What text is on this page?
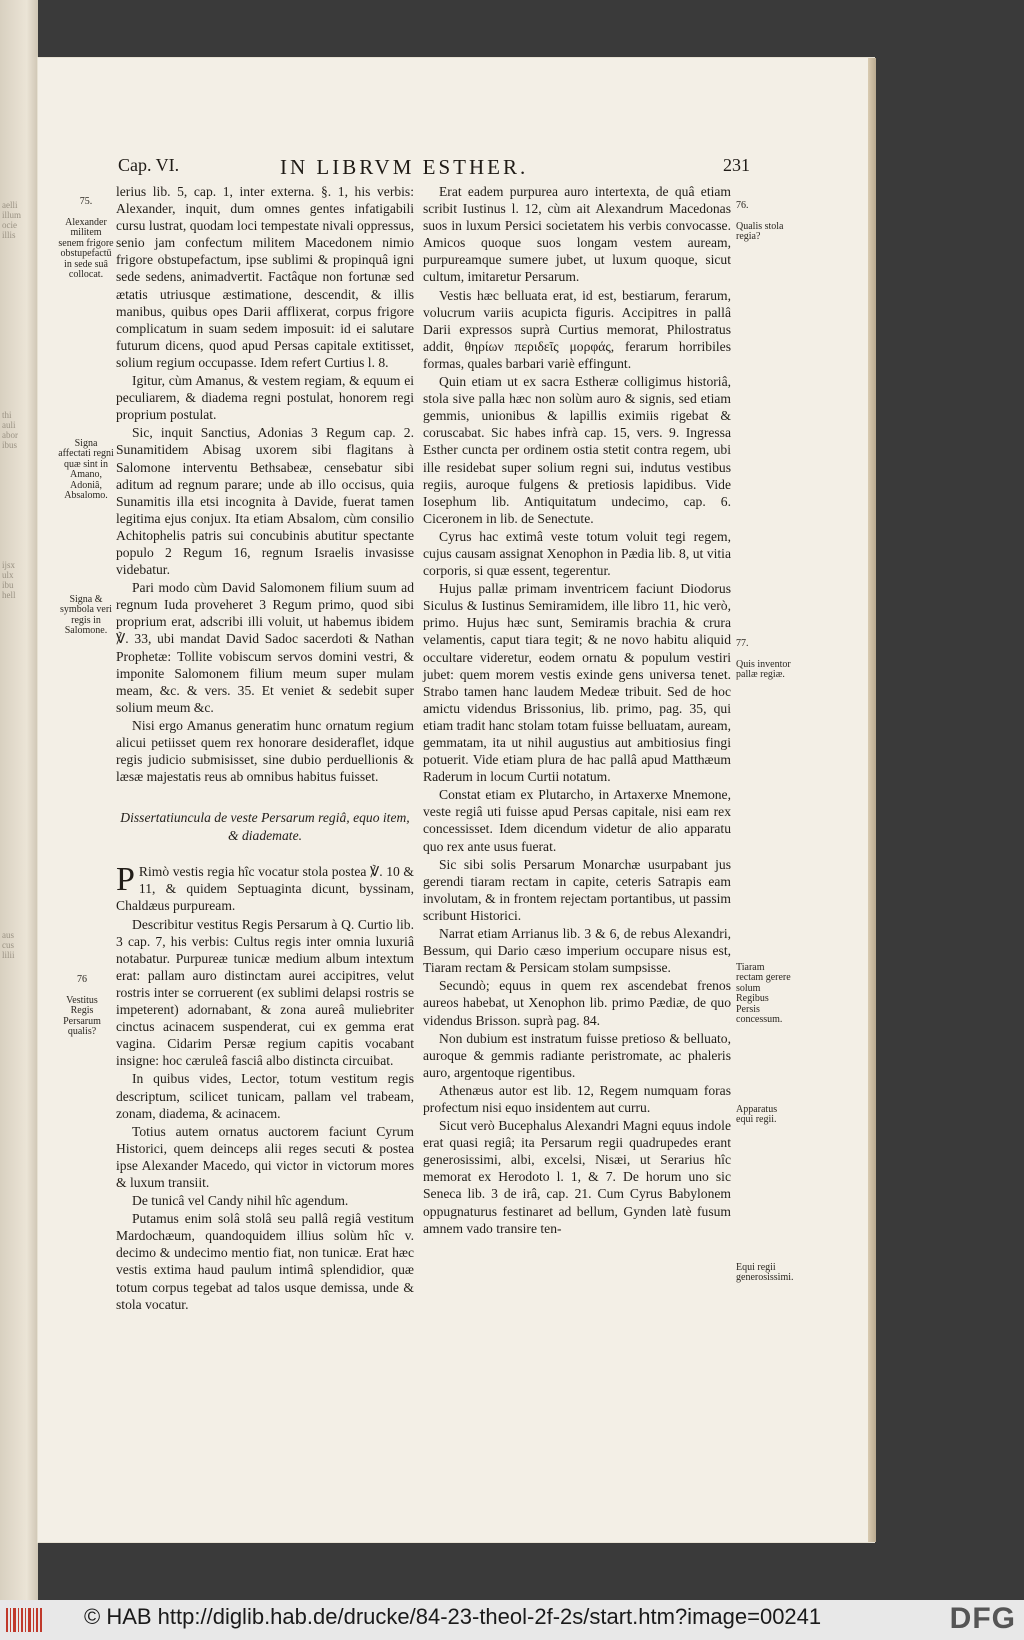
aelli
illum
ocie
illis
thi
auli
abor
ibus
ijsx
ulx
ibu
hell
aus
cus
lilii
Cap. VI.	IN LIBRVM ESTHER.	231

lerius lib. 5, cap. 1, inter externa. §. 1, his verbis: Alexander, inquit, dum omnes gentes infatigabili cursu lustrat, quodam loci tempestate nivali oppressus, senio jam confectum militem Macedonem nimio frigore obstupefactum, ipse sublimi & propinquâ igni sede sedens, animadvertit. Factâque non fortunæ sed ætatis utriusque æstimatione, descendit, & illis manibus, quibus opes Darii afflixerat, corpus frigore complicatum in suam sedem imposuit: id ei salutare futurum dicens, quod apud Persas capitale extitisset, solium regium occupasse. Idem refert Curtius l. 8.

Igitur, cùm Amanus, & vestem regiam, & equum ei peculiarem, & diadema regni postulat, honorem regi proprium postulat.

Sic, inquit Sanctius, Adonias 3 Regum cap. 2. Sunamitidem Abisag uxorem sibi flagitans à Salomone interventu Bethsabeæ, censebatur sibi aditum ad regnum parare; unde ab illo occisus, quia Sunamitis illa etsi incognita à Davide, fuerat tamen legitima ejus conjux. Ita etiam Absalom, cùm consilio Achitophelis patris sui concubinis abutitur spectante populo 2 Regum 16, regnum Israelis invasisse videbatur.

Pari modo cùm David Salomonem filium suum ad regnum Iuda proveheret 3 Regum primo, quod sibi proprium erat, adscribi illi voluit, ut habemus ibidem ℣. 33, ubi mandat David Sadoc sacerdoti & Nathan Prophetæ: Tollite vobiscum servos domini vestri, & imponite Salomonem filium meum super mulam meam, &c. & vers. 35. Et veniet & sedebit super solium meum &c.

Nisi ergo Amanus generatim hunc ornatum regium alicui petiisset quem rex honorare desideraflet, idque regis judicio submisisset, sine dubio perduellionis & læsæ majestatis reus ab omnibus habitus fuisset.

Dissertatiuncula de veste Persarum regiâ, equo item, & diademate.

PRimò vestis regia hîc vocatur stola postea ℣. 10 & 11, & quidem Septuaginta dicunt, byssinam, Chaldæus purpuream.

Describitur vestitus Regis Persarum à Q. Curtio lib. 3 cap. 7, his verbis: Cultus regis inter omnia luxuriâ notabatur. Purpureæ tunicæ medium album intextum erat: pallam auro distinctam aurei accipitres, velut rostris inter se corruerent (ex sublimi delapsi rostris se impeterent) adornabant, & zona aureâ muliebriter cinctus acinacem suspenderat, cui ex gemma erat vagina. Cidarim Persæ regium capitis vocabant insigne: hoc cæruleâ fasciâ albo distincta circuibat.

In quibus vides, Lector, totum vestitum regis descriptum, scilicet tunicam, pallam vel trabeam, zonam, diadema, & acinacem.

Totius autem ornatus auctorem faciunt Cyrum Historici, quem deinceps alii reges secuti & postea ipse Alexander Macedo, qui victor in victorum mores & luxum transiit.

De tunicâ vel Candy nihil hîc agendum.

Putamus enim solâ stolâ seu pallâ regiâ vestitum Mardochæum, quandoquidem illius solùm hîc v. decimo & undecimo mentio fiat, non tunicæ. Erat hæc vestis extima haud paulum intimâ splendidior, quæ totum corpus tegebat ad talos usque demissa, unde & stola vocatur.

Erat eadem purpurea auro intertexta, de quâ etiam scribit Iustinus l. 12, cùm ait Alexandrum Macedonas suos in luxum Persici societatem his verbis convocasse. Amicos quoque suos longam vestem auream, purpureamque sumere jubet, ut luxum quoque, sicut cultum, imitaretur Persarum.

Vestis hæc belluata erat, id est, bestiarum, ferarum, volucrum variis acupicta figuris. Accipitres in pallâ Darii expressos suprà Curtius memorat, Philostratus addit, θηρίων περιδεῖς μορφάς, ferarum horribiles formas, quales barbari variè effingunt.

Quin etiam ut ex sacra Estheræ colligimus historiâ, stola sive palla hæc non solùm auro & signis, sed etiam gemmis, unionibus & lapillis eximiis rigebat & coruscabat. Sic habes infrà cap. 15, vers. 9. Ingressa Esther cuncta per ordinem ostia stetit contra regem, ubi ille residebat super solium regni sui, indutus vestibus regiis, auroque fulgens & pretiosis lapidibus. Vide Iosephum lib. Antiquitatum undecimo, cap. 6. Ciceronem in lib. de Senectute.

Cyrus hac extimâ veste totum voluit tegi regem, cujus causam assignat Xenophon in Pædia lib. 8, ut vitia corporis, si quæ essent, tegerentur.

Hujus pallæ primam inventricem faciunt Diodorus Siculus & Iustinus Semiramidem, ille libro 11, hic verò, primo. Hujus hæc sunt, Semiramis brachia & crura velamentis, caput tiara tegit; & ne novo habitu aliquid occultare videretur, eodem ornatu & populum vestiri jubet: quem morem vestis exinde gens universa tenet. Strabo tamen hanc laudem Medeæ tribuit. Sed de hoc amictu videndus Brissonius, lib. primo, pag. 35, qui etiam tradit hanc stolam totam fuisse belluatam, auream, gemmatam, ita ut nihil augustius aut ambitiosius fingi potuerit. Vide etiam plura de hac pallâ apud Matthæum Raderum in locum Curtii notatum.

Constat etiam ex Plutarcho, in Artaxerxe Mnemone, veste regiâ uti fuisse apud Persas capitale, nisi eam rex concessisset. Idem dicendum videtur de alio apparatu quo rex ante usus fuerat.

Sic sibi solis Persarum Monarchæ usurpabant jus gerendi tiaram rectam in capite, ceteris Satrapis eam involutam, & in frontem rejectam portantibus, ut passim scribunt Historici.

Narrat etiam Arrianus lib. 3 & 6, de rebus Alexandri, Bessum, qui Dario cæso imperium occupare nisus est, Tiaram rectam & Persicam stolam sumpsisse.

Secundò; equus in quem rex ascendebat frenos aureos habebat, ut Xenophon lib. primo Pædiæ, de quo videndus Brisson. suprà pag. 84.

Non dubium est instratum fuisse pretioso & belluato, auroque & gemmis radiante peristromate, ac phaleris auro, argentoque rigentibus.

Athenæus autor est lib. 12, Regem numquam foras profectum nisi equo insidentem aut curru.

Sicut verò Bucephalus Alexandri Magni equus indole erat quasi regiâ; ita Persarum regii quadrupedes erant generosissimi, albi, excelsi, Nisæi, ut Serarius hîc memorat ex Herodoto l. 1, & 7. De horum uno sic Seneca lib. 3 de irâ, cap. 21. Cum Cyrus Babylonem oppugnaturus festinaret ad bellum, Gynden latè fusum amnem vado transire ten-

75.

Alexander militem senem frigore obstupefactū in sede suâ collocat.

Signa affectati regni quæ sint in Amano, Adoniâ, Absalomo.

Signa & symbola veri regis in Salomone.

76

Vestitus Regis Persarum qualis?

76.

Qualis stola regia?

77.

Quis inventor pallæ regiæ.

Tiaram rectam gerere solum Regibus Persis concessum.

Apparatus equi regii.

Equi regii generosissimi.

© HAB http://diglib.hab.de/drucke/84-23-theol-2f-2s/start.htm?image=00241	DFG
